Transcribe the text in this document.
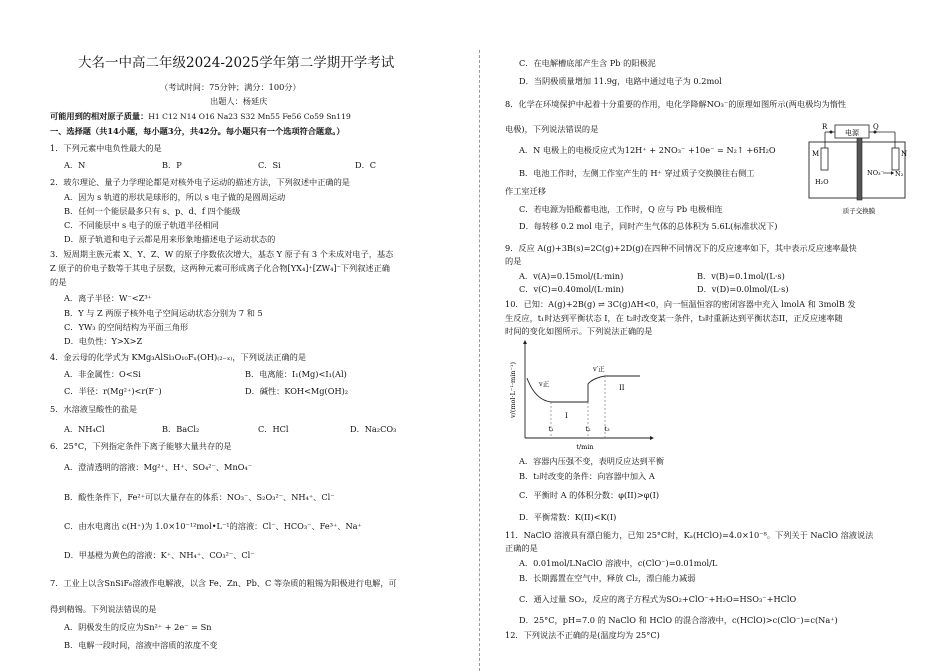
大名一中高二年级2024-2025学年第二学期开学考试
（考试时间：75分钟；满分：100分）
出题人：杨延庆
可能用到的相对原子质量：H1 C12 N14 O16 Na23 S32 Mn55 Fe56 Co59 Sn119
一、选择题（共14小题，每小题3分，共42分。每小题只有一个选项符合题意。）
1．下列元素中电负性最大的是
A．N	B．P	C．Si	D．C
2．玻尔理论、量子力学理论都是对核外电子运动的描述方法，下列叙述中正确的是
A．因为 s 轨道的形状是球形的，所以 s 电子做的是圆周运动
B．任何一个能层最多只有 s、p、d、f 四个能级
C．不同能层中 s 电子的原子轨道半径相同
D．原子轨道和电子云都是用来形象地描述电子运动状态的
3．短周期主族元素 X、Y、Z、W 的原子序数依次增大，基态 Y 原子有 3 个未成对电子，基态
Z 原子的价电子数等于其电子层数，这两种元素可形成离子化合物[YX₄]⁺[ZW₄]⁻下列叙述正确
的是
A．离子半径：W⁻<Z³⁺
B．Y 与 Z 两原子核外电子空间运动状态分别为 7 和 5
C．YW₃ 的空间结构为平面三角形
D．电负性：Y>X>Z
4．金云母的化学式为 KMg₃AlSi₃O₁₀Fₓ(OH)₍₂₋ₓ₎，下列说法正确的是
A．非金属性：O<Si	B．电离能：I₁(Mg)<I₁(Al)
C．半径：r(Mg²⁺)<r(F⁻)	D．碱性：KOH<Mg(OH)₂
5．水溶液呈酸性的盐是
A．NH₄Cl	B．BaCl₂	C．HCl	D．Na₂CO₃
6．25°C，下列指定条件下离子能够大量共存的是
A．澄清透明的溶液：Mg²⁺、H⁺、SO₄²⁻、MnO₄⁻
B．酸性条件下，Fe²⁺可以大量存在的体系：NO₃⁻、S₂O₃²⁻、NH₄⁺、Cl⁻
C．由水电离出 c(H⁺)为 1.0×10⁻¹²mol•L⁻¹的溶液：Cl⁻、HCO₃⁻、Fe³⁺、Na⁺
D．甲基橙为黄色的溶液：K⁺、NH₄⁺、CO₃²⁻、Cl⁻
7．工业上以含SnSiF₆溶液作电解液，以含 Fe、Zn、Pb、C 等杂质的粗锡为阳极进行电解，可
得到精锡。下列说法错误的是
A．阴极发生的反应为Sn²⁺ + 2e⁻ = Sn
B．电解一段时间，溶液中溶质的浓度不变
C．在电解槽底部产生含 Pb 的阳极泥
D．当阴极质量增加 11.9g，电路中通过电子为 0.2mol
8．化学在环境保护中起着十分重要的作用，电化学降解NO₃⁻的原理如图所示(两电极均为惰性
电极)，下列说法错误的是
A．N 电极上的电极反应式为12H⁺ + 2NO₃⁻ +10e⁻ = N₂↑ +6H₂O
B．电池工作时，左侧工作室产生的 H⁺ 穿过质子交换膜往右侧工
作工室迁移
C．若电源为铅酸蓄电池，工作时，Q 应与 Pb 电极相连
D．每转移 0.2 mol 电子，同时产生气体的总体积为 5.6L(标准状况下)
电源
R	Q
M	N
H₂O
NO₃⁻ N₂
质子交换膜
9．反应 A(g)+3B(s)=2C(g)+2D(g)在四种不同情况下的反应速率如下，其中表示反应速率最快
的是
A．v(A)=0.15mol/(L·min)	B．v(B)=0.1mol/(L·s)
C．v(C)=0.40mol/(L·min)	D．v(D)=0.0lmol/(L·s)
10．已知：A(g)+2B(g) ⇌ 3C(g)ΔH<0，向一恒温恒容的密闭容器中充入 lmolA 和 3molB 发
生反应，t₁时达到平衡状态 I，在 t₂时改变某一条件，t₃时重新达到平衡状态II，正反应速率随
时间的变化如图所示。下列说法正确的是
v/(mol·L⁻¹·min⁻¹)
t/min
t₁	t₂ t₃
v正
v′正
I
II
A．容器内压强不变，表明反应达到平衡
B．t₂时改变的条件：向容器中加入 A
C．平衡时 A 的体积分数：φ(II)>φ(I)
D．平衡常数：K(II)<K(I)
11．NaClO 溶液具有漂白能力，已知 25°C时，Kₐ(HClO)=4.0×10⁻⁸。下列关于 NaClO 溶液说法
正确的是
A．0.01mol/LNaClO 溶液中，c(ClO⁻)=0.01mol/L
B．长期露置在空气中，释放 Cl₂，漂白能力减弱
C．通入过量 SO₂，反应的离子方程式为SO₂+ClO⁻+H₂O=HSO₃⁻+HClO
D．25°C，pH=7.0 的 NaClO 和 HClO 的混合溶液中，c(HClO)>c(ClO⁻)=c(Na⁺)
12．下列说法不正确的是(温度均为 25°C)
